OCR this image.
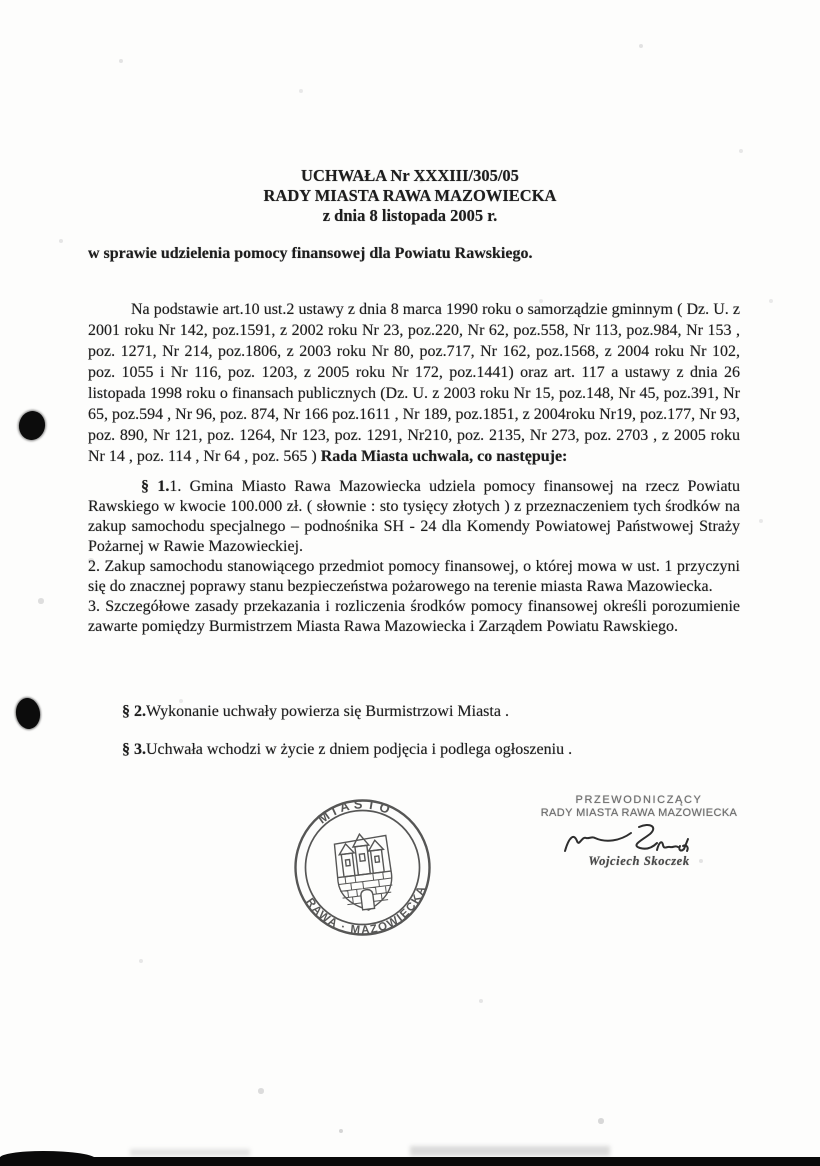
UCHWAŁA Nr XXXIII/305/05
RADY MIASTA RAWA MAZOWIECKA
z dnia 8 listopada 2005 r.
w sprawie udzielenia pomocy finansowej dla Powiatu Rawskiego.

Na podstawie art.10 ust.2 ustawy z dnia 8 marca 1990 roku o samorządzie gminnym ( Dz. U. z 2001 roku Nr 142, poz.1591, z 2002 roku Nr 23, poz.220, Nr 62, poz.558, Nr 113, poz.984, Nr 153 , poz. 1271, Nr 214, poz.1806, z 2003 roku Nr 80, poz.717, Nr 162, poz.1568, z 2004 roku Nr 102, poz. 1055 i Nr 116, poz. 1203, z 2005 roku Nr 172, poz.1441) oraz art. 117 a ustawy z dnia 26 listopada 1998 roku o finansach publicznych (Dz. U. z 2003 roku Nr 15, poz.148, Nr 45, poz.391, Nr 65, poz.594 , Nr 96, poz. 874, Nr 166 poz.1611 , Nr 189, poz.1851, z 2004roku Nr19, poz.177, Nr 93, poz. 890, Nr 121, poz. 1264, Nr 123, poz. 1291, Nr210, poz. 2135, Nr 273, poz. 2703 , z 2005 roku Nr 14 , poz. 114 , Nr 64 , poz. 565 ) Rada Miasta uchwala, co następuje:

§ 1.1. Gmina Miasto Rawa Mazowiecka udziela pomocy finansowej na rzecz Powiatu Rawskiego w kwocie 100.000 zł. ( słownie : sto tysięcy złotych ) z przeznaczeniem tych środków na zakup samochodu specjalnego – podnośnika SH - 24 dla Komendy Powiatowej Państwowej Straży Pożarnej w Rawie Mazowieckiej.
2. Zakup samochodu stanowiącego przedmiot pomocy finansowej, o której mowa w ust. 1 przyczyni się do znacznej poprawy stanu bezpieczeństwa pożarowego na terenie miasta Rawa Mazowiecka.
3. Szczegółowe zasady przekazania i rozliczenia środków pomocy finansowej określi porozumienie zawarte pomiędzy Burmistrzem Miasta Rawa Mazowiecka i Zarządem Powiatu Rawskiego.

§ 2.Wykonanie uchwały powierza się Burmistrzowi Miasta .

§ 3.Uchwała wchodzi w życie z dniem podjęcia i podlega ogłoszeniu .

MIASTO
RAWA · MAZOWIECKA
PRZEWODNICZĄCY
RADY MIASTA RAWA MAZOWIECKA
Wojciech Skoczek
